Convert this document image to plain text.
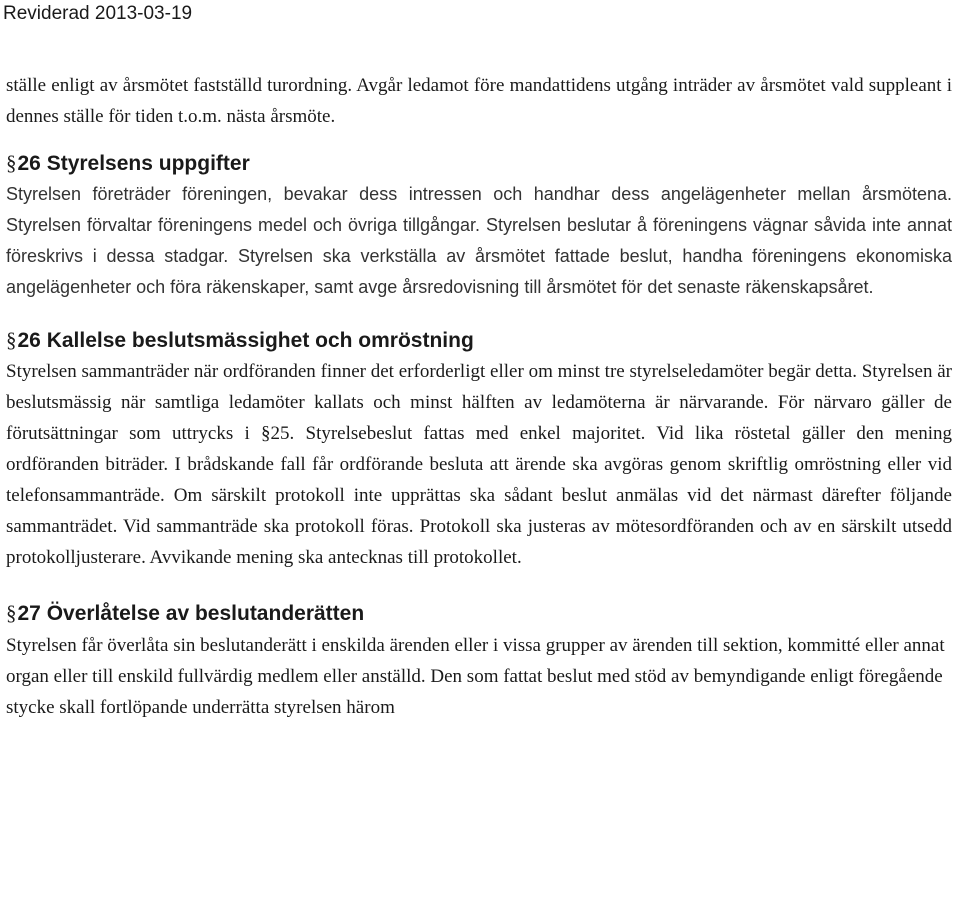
Reviderad 2013-03-19

ställe enligt av årsmötet fastställd turordning. Avgår ledamot före mandattidens utgång inträder av årsmötet vald suppleant i dennes ställe för tiden t.o.m. nästa årsmöte.

§26 Styrelsens uppgifter

Styrelsen företräder föreningen, bevakar dess intressen och handhar dess angelägenheter mellan årsmötena. Styrelsen förvaltar föreningens medel och övriga tillgångar. Styrelsen beslutar å föreningens vägnar såvida inte annat föreskrivs i dessa stadgar. Styrelsen ska verkställa av årsmötet fattade beslut, handha föreningens ekonomiska angelägenheter och föra räkenskaper, samt avge årsredovisning till årsmötet för det senaste räkenskapsåret.

§26 Kallelse beslutsmässighet och omröstning

Styrelsen sammanträder när ordföranden finner det erforderligt eller om minst tre styrelseledamöter begär detta. Styrelsen är beslutsmässig när samtliga ledamöter kallats och minst hälften av ledamöterna är närvarande. För närvaro gäller de förutsättningar som uttrycks i §25. Styrelsebeslut fattas med enkel majoritet. Vid lika röstetal gäller den mening ordföranden biträder. I brådskande fall får ordförande besluta att ärende ska avgöras genom skriftlig omröstning eller vid telefonsammanträde. Om särskilt protokoll inte upprättas ska sådant beslut anmälas vid det närmast därefter följande sammanträdet. Vid sammanträde ska protokoll föras. Protokoll ska justeras av mötesordföranden och av en särskilt utsedd protokolljusterare. Avvikande mening ska antecknas till protokollet.

§27 Överlåtelse av beslutanderätten

Styrelsen får överlåta sin beslutanderätt i enskilda ärenden eller i vissa grupper av ärenden till sektion, kommitté eller annat organ eller till enskild fullvärdig medlem eller anställd. Den som fattat beslut med stöd av bemyndigande enligt föregående stycke skall fortlöpande underrätta styrelsen härom
